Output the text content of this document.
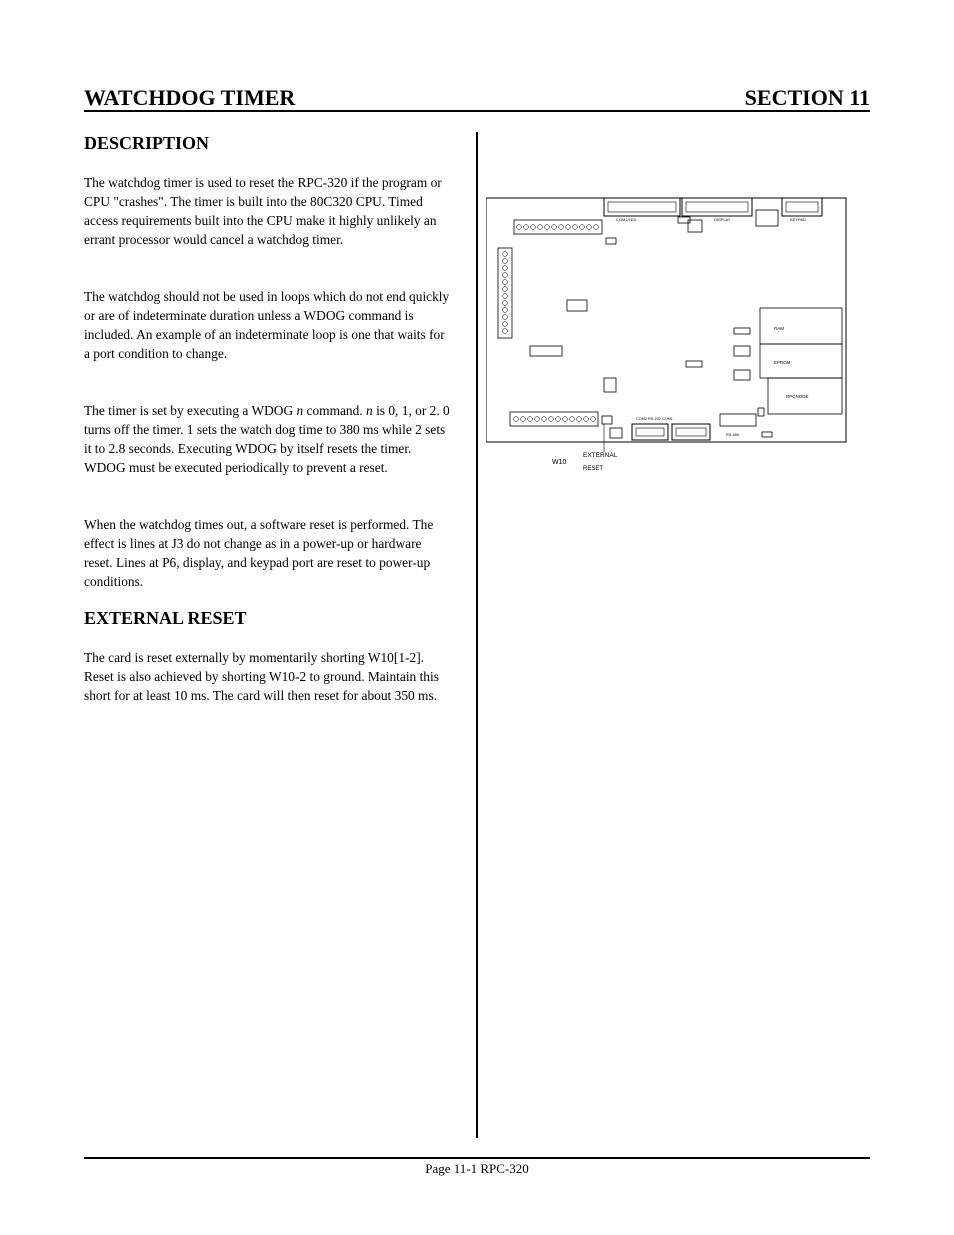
WATCHDOG TIMER	SECTION 11
DESCRIPTION

The watchdog timer is used to reset the RPC-320 if the program or CPU "crashes". The timer is built into the 80C320 CPU. Timed access requirements built into the CPU make it highly unlikely an errant processor would cancel a watchdog timer.

The watchdog should not be used in loops which do not end quickly or are of indeterminate duration unless a WDOG command is included. An example of an indeterminate loop is one that waits for a port condition to change.

The timer is set by executing a WDOG n command. n is 0, 1, or 2. 0 turns off the timer. 1 sets the watch dog time to 380 ms while 2 sets it to 2.8 seconds. Executing WDOG by itself resets the timer. WDOG must be executed periodically to prevent a reset.

When the watchdog times out, a software reset is performed. The effect is lines at J3 do not change as in a power-up or hardware reset. Lines at P6, display, and keypad port are reset to power-up conditions.

EXTERNAL RESET

The card is reset externally by momentarily shorting W10[1-2]. Reset is also achieved by shorting W10-2 to ground. Maintain this short for at least 10 ms. The card will then reset for about 350 ms.

COM1/LED	DISPLAY	KEYPAD
RAM
EPROM
RPCNODE
COM2 RS-232 COM1
RS-485
W10
EXTERNAL
RESET
Page 11-1 RPC-320
